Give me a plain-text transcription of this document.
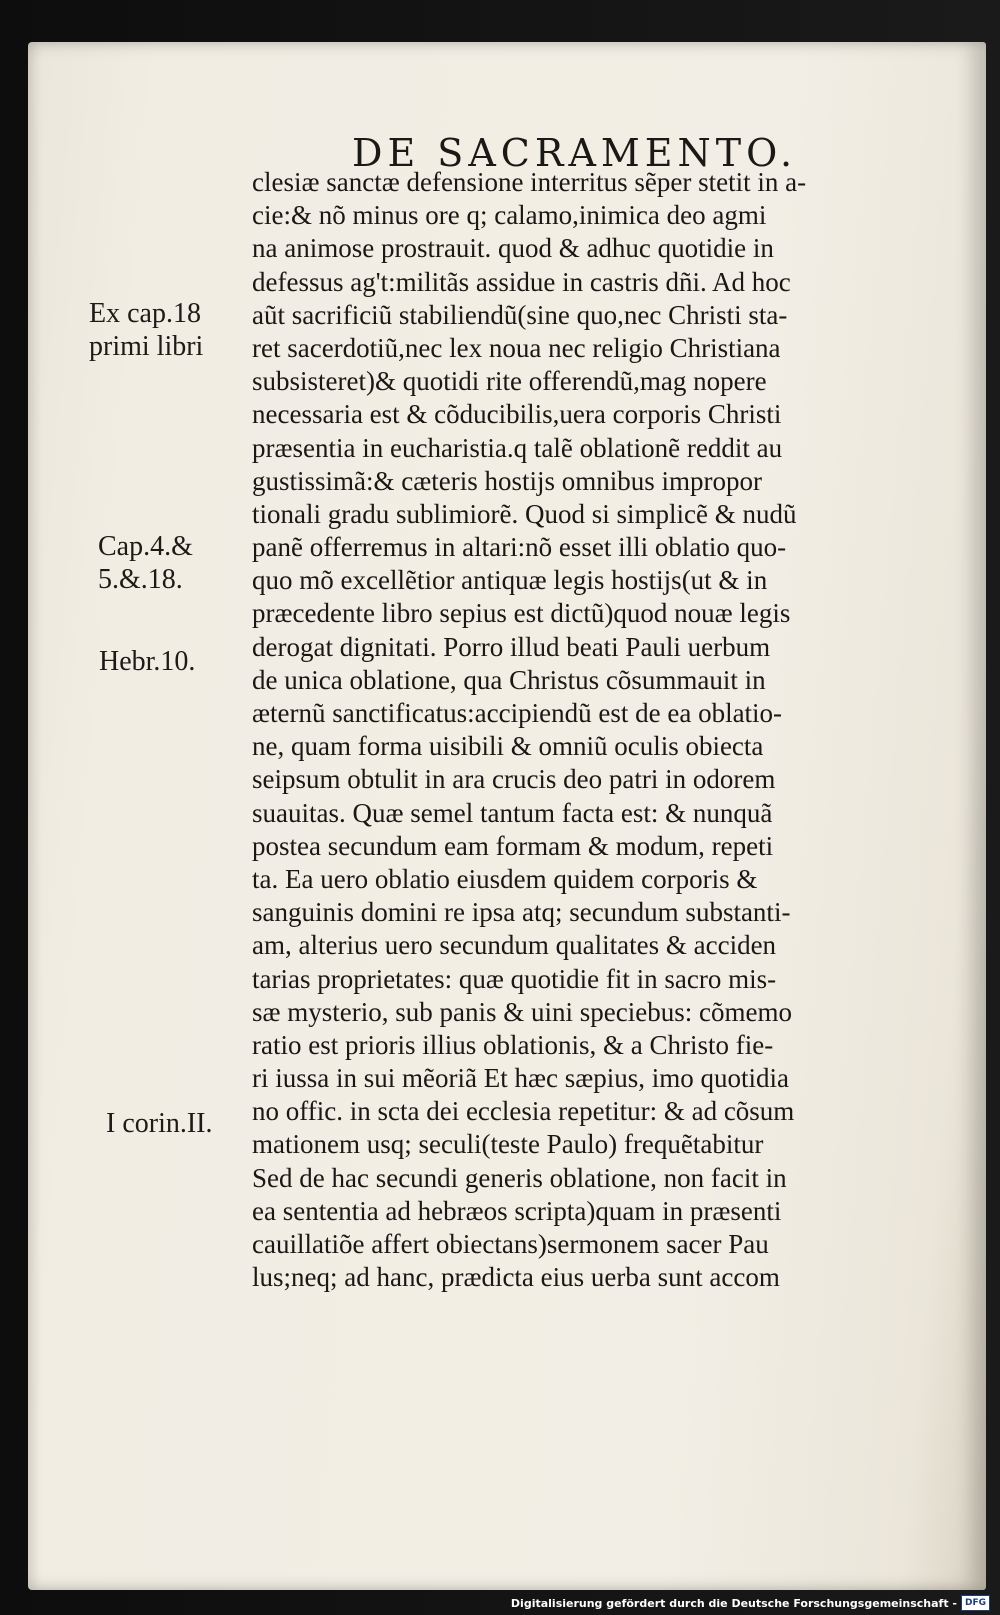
DE SACRAMENTO.
Ex cap.18
primi libri
Cap.4.&
5.&.18.
Hebr.10.
I corin.II.
clesiæ sanctæ defensione interritus sẽper stetit in a-
cie:& nõ minus ore q; calamo,inimica deo agmi
na animose prostrauit. quod & adhuc quotidie in
defessus ag't:militãs assidue in castris dñi. Ad hoc
aũt sacrificiũ stabiliendũ(sine quo,nec Christi sta-
ret sacerdotiũ,nec lex noua nec religio Christiana
subsisteret)& quotidi rite offerendũ,mag nopere
necessaria est & cõducibilis,uera corporis Christi
præsentia in eucharistia.q talẽ oblationẽ reddit au
gustissimã:& cæteris hostijs omnibus impropor
tionali gradu sublimiorẽ. Quod si simplicẽ & nudũ
panẽ offerremus in altari:nõ esset illi oblatio quo-
quo mõ excellẽtior antiquæ legis hostijs(ut & in
præcedente libro sepius est dictũ)quod nouæ legis
derogat dignitati. Porro illud beati Pauli uerbum
de unica oblatione, qua Christus cõsummauit in
æternũ sanctificatus:accipiendũ est de ea oblatio-
ne, quam forma uisibili & omniũ oculis obiecta
seipsum obtulit in ara crucis deo patri in odorem
suauitas. Quæ semel tantum facta est: & nunquã
postea secundum eam formam & modum, repeti
ta. Ea uero oblatio eiusdem quidem corporis &
sanguinis domini re ipsa atq; secundum substanti-
am, alterius uero secundum qualitates & acciden
tarias proprietates: quæ quotidie fit in sacro mis-
sæ mysterio, sub panis & uini speciebus: cõmemo
ratio est prioris illius oblationis, & a Christo fie-
ri iussa in sui mẽoriã Et hæc sæpius, imo quotidia
no offic. in scta dei ecclesia repetitur: & ad cõsum
mationem usq; seculi(teste Paulo) frequẽtabitur
Sed de hac secundi generis oblatione, non facit in
ea sententia ad hebræos scripta)quam in præsenti
cauillatiõe affert obiectans)sermonem sacer Pau
lus;neq; ad hanc, prædicta eius uerba sunt accom
Digitalisierung gefördert durch die Deutsche Forschungsgemeinschaft - DFG
